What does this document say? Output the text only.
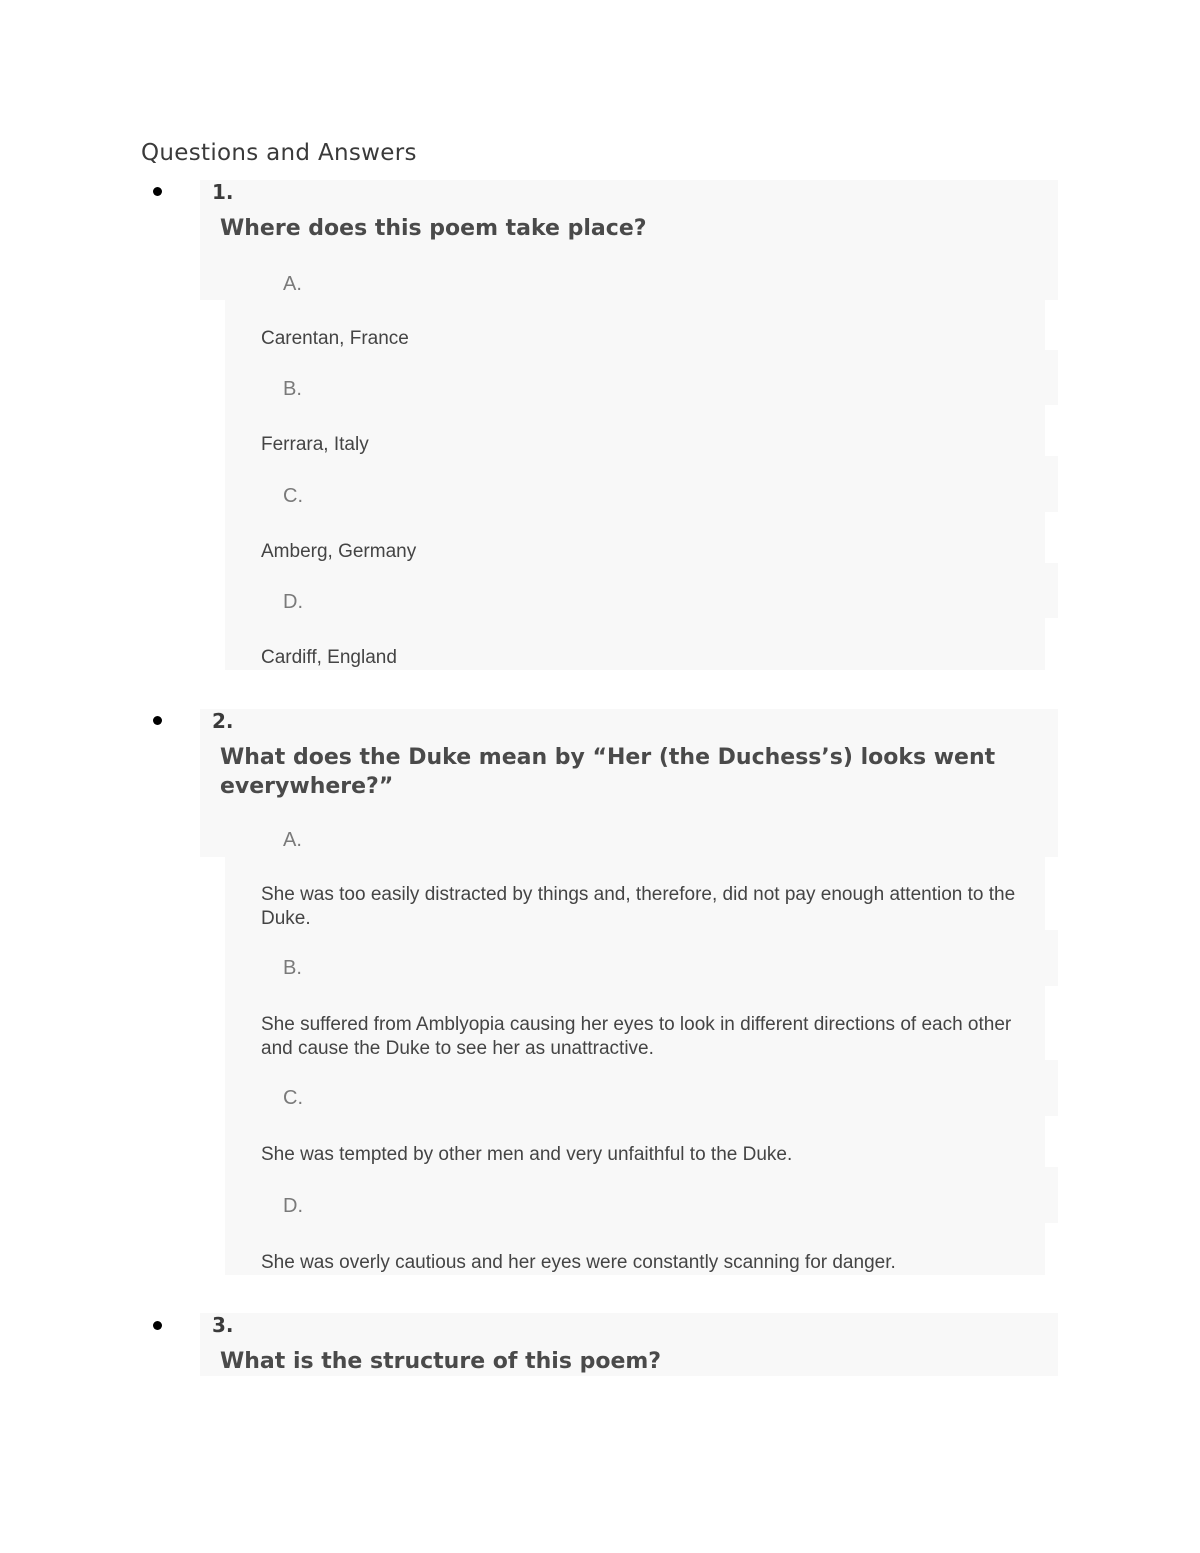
Questions and Answers
1.
Where does this poem take place?
A.
Carentan, France
B.
Ferrara, Italy
C.
Amberg, Germany
D.
Cardiff, England
2.
What does the Duke mean by “Her (the Duchess’s) looks went everywhere?”
A.
She was too easily distracted by things and, therefore, did not pay enough attention to the Duke.
B.
She suffered from Amblyopia causing her eyes to look in different directions of each other and cause the Duke to see her as unattractive.
C.
She was tempted by other men and very unfaithful to the Duke.
D.
She was overly cautious and her eyes were constantly scanning for danger.
3.
What is the structure of this poem?
